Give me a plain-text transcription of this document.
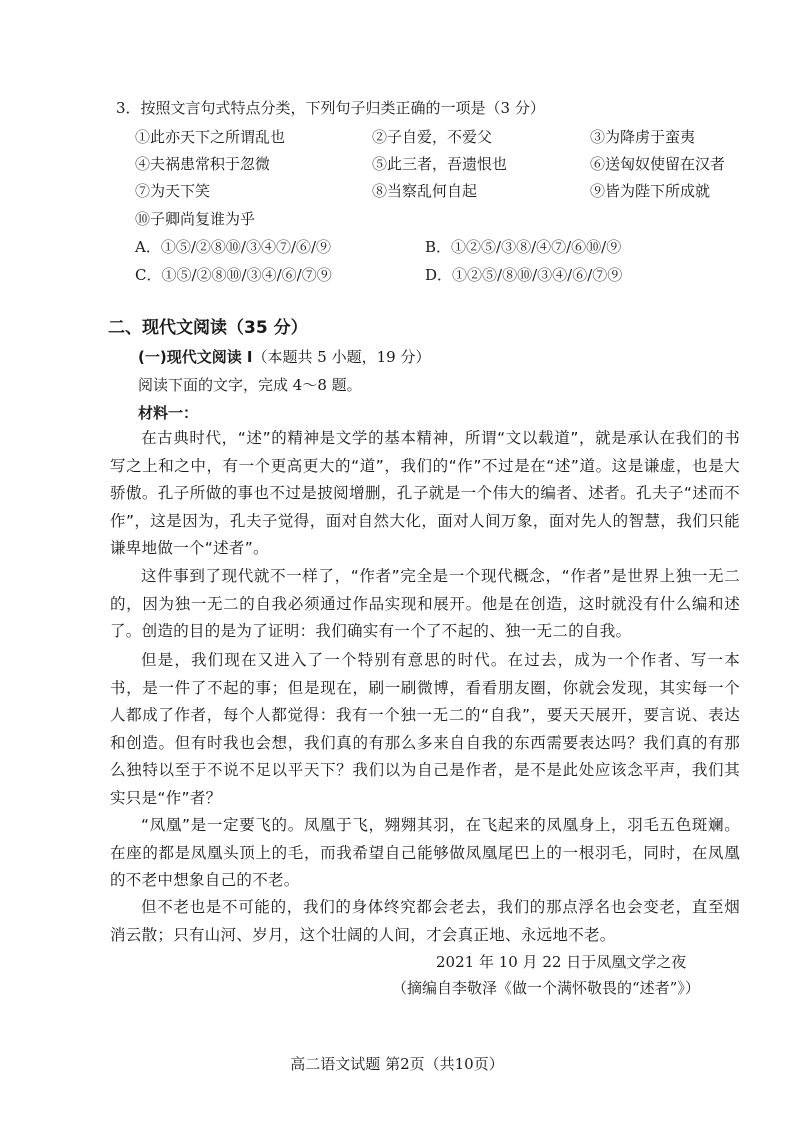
3．按照文言句式特点分类，下列句子归类正确的一项是（3 分）
①此亦天下之所谓乱也	②子自爱，不爱父	③为降虏于蛮夷
④夫祸患常积于忽微	⑤此三者，吾遗恨也	⑥送匈奴使留在汉者
⑦为天下笑	⑧当察乱何自起	⑨皆为陛下所成就
⑩子卿尚复谁为乎
A．①⑤/②⑧⑩/③④⑦/⑥/⑨	B．①②⑤/③⑧/④⑦/⑥⑩/⑨
C．①⑤/②⑧⑩/③④/⑥/⑦⑨	D．①②⑤/⑧⑩/③④/⑥/⑦⑨
二、现代文阅读（35 分）
(一)现代文阅读 I（本题共 5 小题，19 分）
阅读下面的文字，完成 4～8 题。
材料一：

在古典时代，“述”的精神是文学的基本精神，所谓“文以载道”，就是承认在我们的书写之上和之中，有一个更高更大的“道”，我们的“作”不过是在“述”道。这是谦虚，也是大骄傲。孔子所做的事也不过是披阅增删，孔子就是一个伟大的编者、述者。孔夫子“述而不作”，这是因为，孔夫子觉得，面对自然大化，面对人间万象，面对先人的智慧，我们只能谦卑地做一个“述者”。

这件事到了现代就不一样了，“作者”完全是一个现代概念，“作者”是世界上独一无二的，因为独一无二的自我必须通过作品实现和展开。他是在创造，这时就没有什么编和述了。创造的目的是为了证明：我们确实有一个了不起的、独一无二的自我。

但是，我们现在又进入了一个特别有意思的时代。在过去，成为一个作者、写一本书，是一件了不起的事；但是现在，刷一刷微博，看看朋友圈，你就会发现，其实每一个人都成了作者，每个人都觉得：我有一个独一无二的“自我”，要天天展开，要言说、表达和创造。但有时我也会想，我们真的有那么多来自自我的东西需要表达吗？我们真的有那么独特以至于不说不足以平天下？我们以为自己是作者，是不是此处应该念平声，我们其实只是“作”者？

“凤凰”是一定要飞的。凤凰于飞，翙翙其羽，在飞起来的凤凰身上，羽毛五色斑斓。在座的都是凤凰头顶上的毛，而我希望自己能够做凤凰尾巴上的一根羽毛，同时，在凤凰的不老中想象自己的不老。

但不老也是不可能的，我们的身体终究都会老去，我们的那点浮名也会变老，直至烟消云散；只有山河、岁月，这个壮阔的人间，才会真正地、永远地不老。

2021 年 10 月 22 日于凤凰文学之夜
（摘编自李敬泽《做一个满怀敬畏的“述者”》）
高二语文试题 第2页（共10页）
